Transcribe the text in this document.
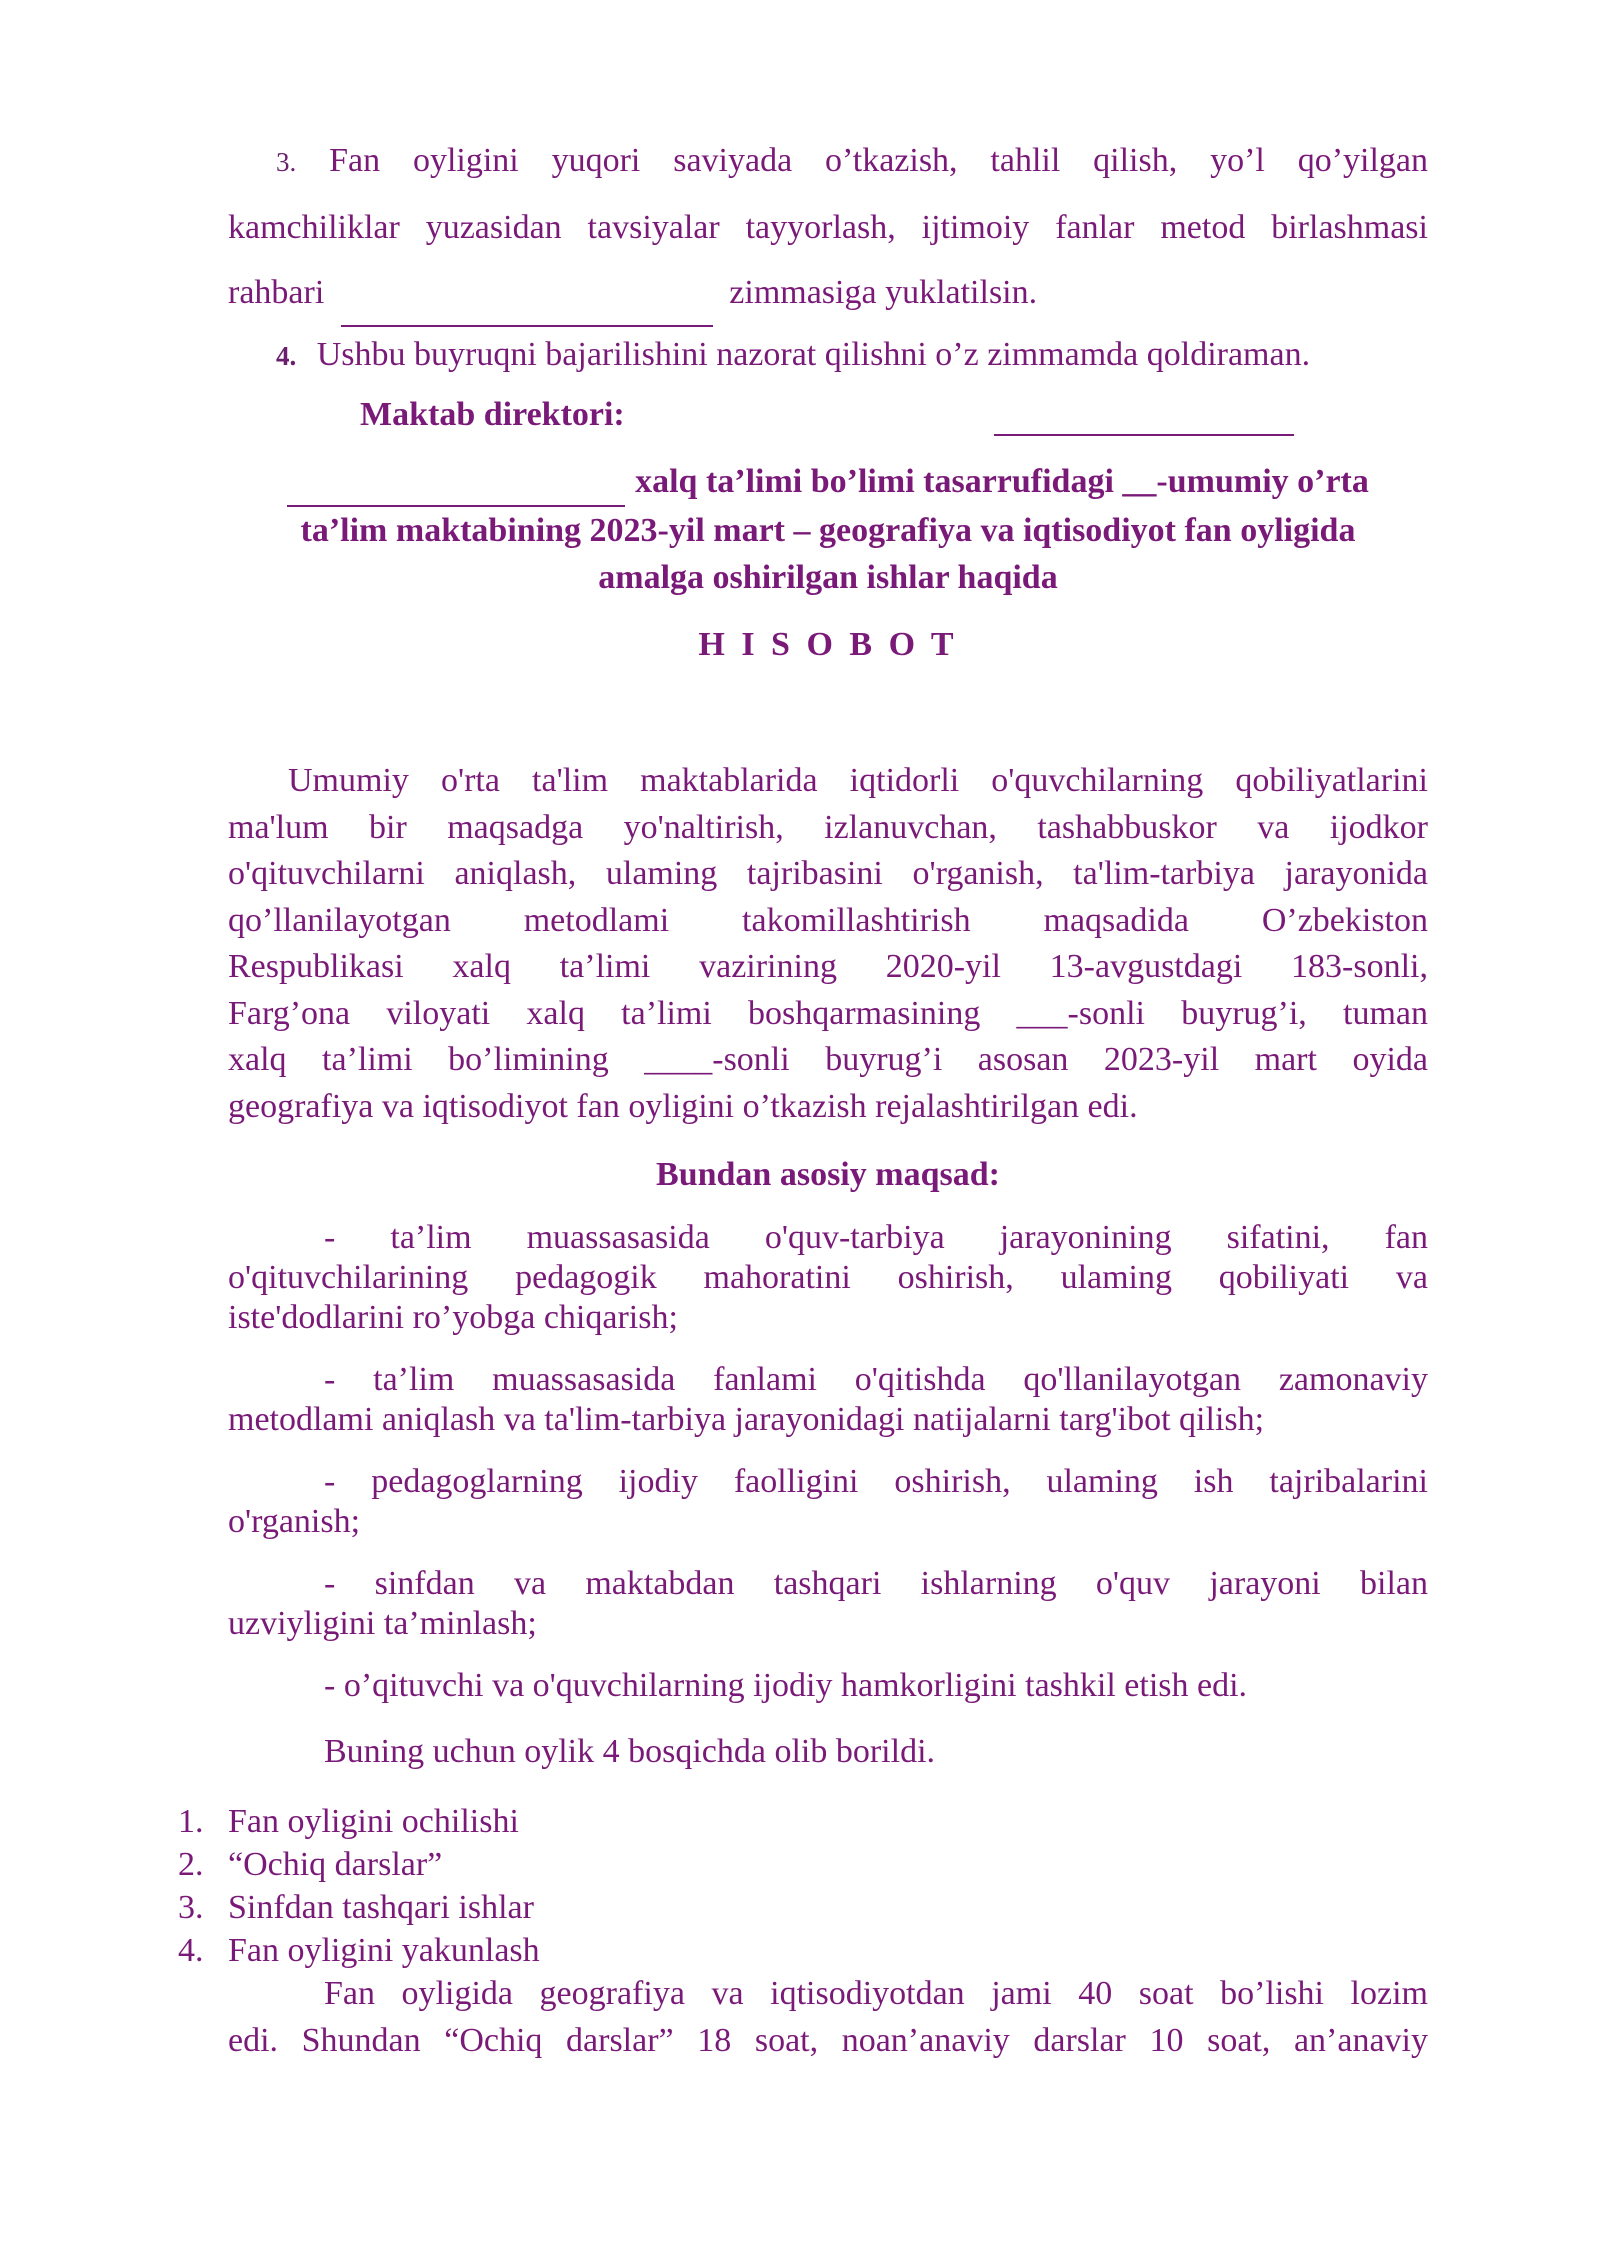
3. Fan oyligini yuqori saviyada o’tkazish, tahlil qilish, yo’l qo’yilgan
kamchiliklar yuzasidan tavsiyalar tayyorlash, ijtimoiy fanlar metod birlashmasi
rahbari	zimmasiga yuklatilsin.
4. Ushbu buyruqni bajarilishini nazorat qilishni o’z zimmamda qoldiraman.
Maktab direktori:
xalq ta’limi bo’limi tasarrufidagi __-umumiy o’rta
ta’lim maktabining 2023-yil mart – geografiya va iqtisodiyot fan oyligida
amalga oshirilgan ishlar haqida
H I S O B O T
Umumiy o'rta ta'lim maktablarida iqtidorli o'quvchilarning qobiliyatlarini
ma'lum bir maqsadga yo'naltirish, izlanuvchan, tashabbuskor va ijodkor
o'qituvchilarni aniqlash, ulaming tajribasini o'rganish, ta'lim-tarbiya jarayonida
qo’llanilayotgan metodlami takomillashtirish maqsadida O’zbekiston
Respublikasi xalq ta’limi vazirining 2020-yil 13-avgustdagi 183-sonli,
Farg’ona viloyati xalq ta’limi boshqarmasining ___-sonli buyrug’i, tuman
xalq ta’limi bo’limining ____-sonli buyrug’i asosan 2023-yil mart oyida
geografiya va iqtisodiyot fan oyligini o’tkazish rejalashtirilgan edi.
Bundan asosiy maqsad:
- ta’lim muassasasida o'quv-tarbiya jarayonining sifatini, fan
o'qituvchilarining pedagogik mahoratini oshirish, ulaming qobiliyati va
iste'dodlarini ro’yobga chiqarish;
- ta’lim muassasasida fanlami o'qitishda qo'llanilayotgan zamonaviy
metodlami aniqlash va ta'lim-tarbiya jarayonidagi natijalarni targ'ibot qilish;
- pedagoglarning ijodiy faolligini oshirish, ulaming ish tajribalarini
o'rganish;
- sinfdan va maktabdan tashqari ishlarning o'quv jarayoni bilan
uzviyligini ta’minlash;
- o’qituvchi va o'quvchilarning ijodiy hamkorligini tashkil etish edi.
Buning uchun oylik 4 bosqichda olib borildi.
1. Fan oyligini ochilishi
2. “Ochiq darslar”
3. Sinfdan tashqari ishlar
4. Fan oyligini yakunlash
Fan oyligida geografiya va iqtisodiyotdan jami 40 soat bo’lishi lozim
edi. Shundan “Ochiq darslar” 18 soat, noan’anaviy darslar 10 soat, an’anaviy
